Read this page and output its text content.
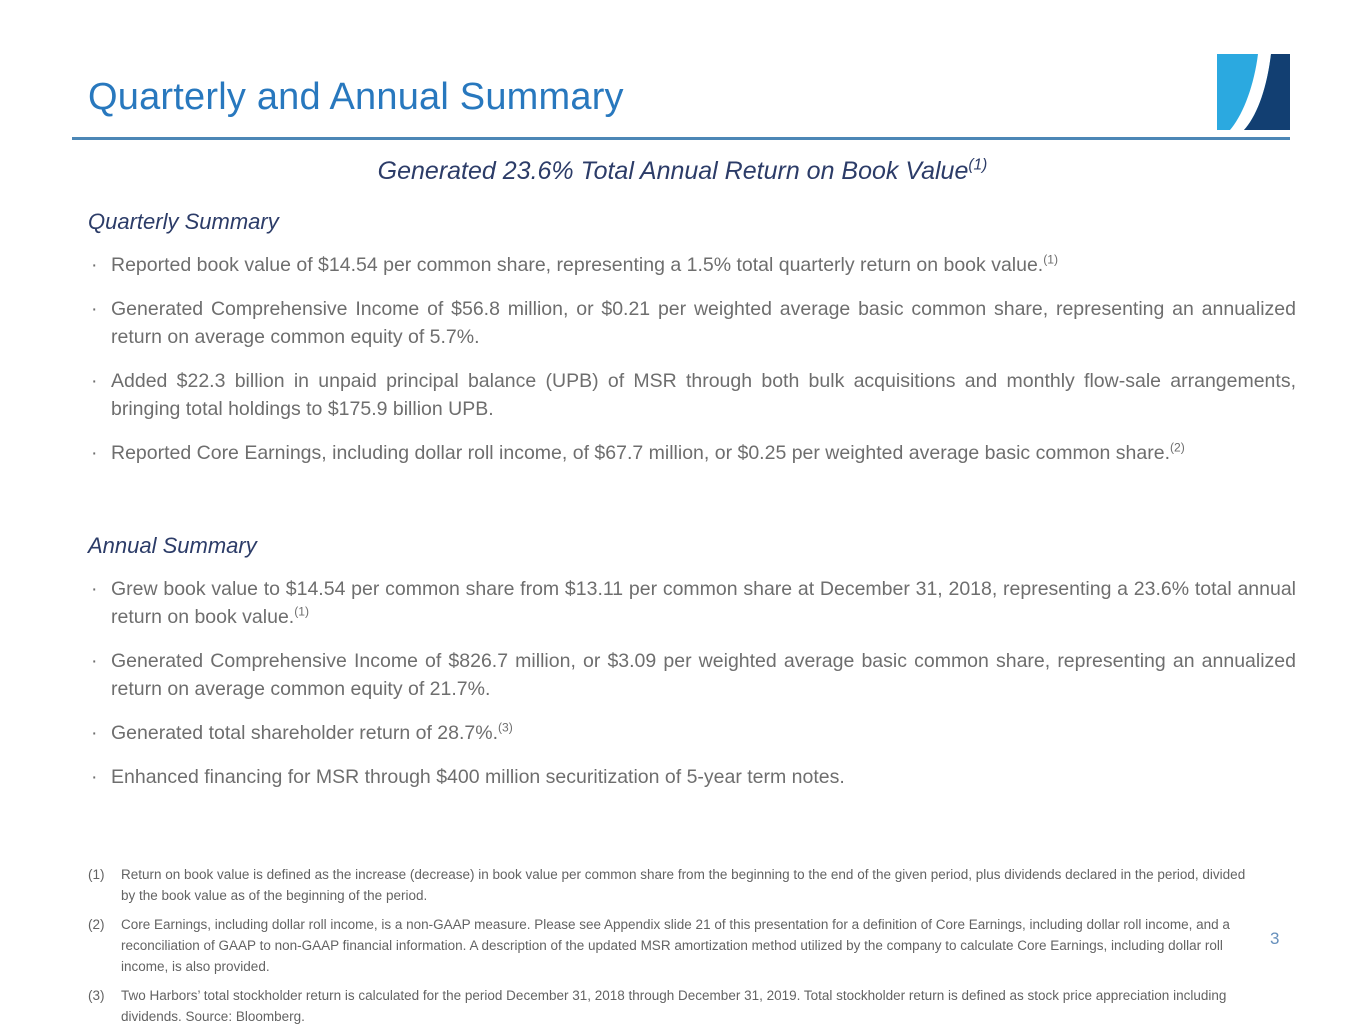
Quarterly and Annual Summary
Generated 23.6% Total Annual Return on Book Value$^{(1)}$
Quarterly Summary
· Reported book value of $14.54 per common share, representing a 1.5% total quarterly return on book value.$^{(1)}$
· Generated Comprehensive Income of $56.8 million, or $0.21 per weighted average basic common share, representing an annualized return on average common equity of 5.7%.
· Added $22.3 billion in unpaid principal balance (UPB) of MSR through both bulk acquisitions and monthly flow-sale arrangements, bringing total holdings to $175.9 billion UPB.
· Reported Core Earnings, including dollar roll income, of $67.7 million, or $0.25 per weighted average basic common share.$^{(2)}$
Annual Summary
· Grew book value to $14.54 per common share from $13.11 per common share at December 31, 2018, representing a 23.6% total annual return on book value.$^{(1)}$
· Generated Comprehensive Income of $826.7 million, or $3.09 per weighted average basic common share, representing an annualized return on average common equity of 21.7%.
· Generated total shareholder return of 28.7%.$^{(3)}$
· Enhanced financing for MSR through $400 million securitization of 5-year term notes.
(1)	Return on book value is defined as the increase (decrease) in book value per common share from the beginning to the end of the given period, plus dividends declared in the period, divided by the book value as of the beginning of the period.
(2)	Core Earnings, including dollar roll income, is a non-GAAP measure. Please see Appendix slide 21 of this presentation for a definition of Core Earnings, including dollar roll income, and a reconciliation of GAAP to non-GAAP financial information. A description of the updated MSR amortization method utilized by the company to calculate Core Earnings, including dollar roll income, is also provided.
(3)	Two Harbors’ total stockholder return is calculated for the period December 31, 2018 through December 31, 2019. Total stockholder return is defined as stock price appreciation including dividends. Source: Bloomberg.
3
